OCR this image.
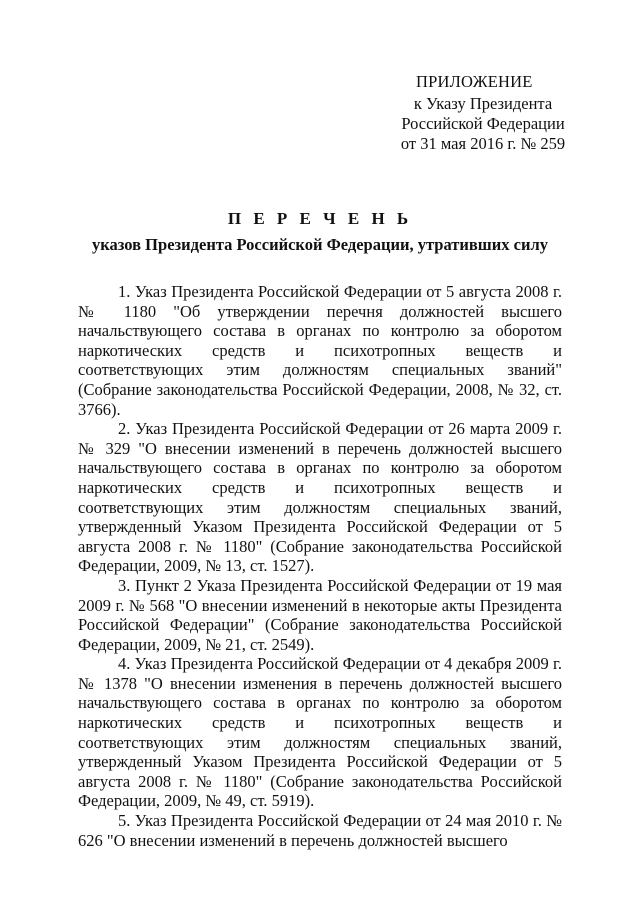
ПРИЛОЖЕНИЕ
к Указу Президента
Российской Федерации
от 31 мая 2016 г. № 259
П Е Р Е Ч Е Н Ь
указов Президента Российской Федерации, утративших силу

1. Указ Президента Российской Федерации от 5 августа 2008 г. № 1180 "Об утверждении перечня должностей высшего начальствующего состава в органах по контролю за оборотом наркотических средств и психотропных веществ и соответствующих этим должностям специальных званий" (Собрание законодательства Российской Федерации, 2008, № 32, ст. 3766).

2. Указ Президента Российской Федерации от 26 марта 2009 г. № 329 "О внесении изменений в перечень должностей высшего начальствующего состава в органах по контролю за оборотом наркотических средств и психотропных веществ и соответствующих этим должностям специальных званий, утвержденный Указом Президента Российской Федерации от 5 августа 2008 г. № 1180" (Собрание законодательства Российской Федерации, 2009, № 13, ст. 1527).

3. Пункт 2 Указа Президента Российской Федерации от 19 мая 2009 г. № 568 "О внесении изменений в некоторые акты Президента Российской Федерации" (Собрание законодательства Российской Федерации, 2009, № 21, ст. 2549).

4. Указ Президента Российской Федерации от 4 декабря 2009 г. № 1378 "О внесении изменения в перечень должностей высшего начальствующего состава в органах по контролю за оборотом наркотических средств и психотропных веществ и соответствующих этим должностям специальных званий, утвержденный Указом Президента Российской Федерации от 5 августа 2008 г. № 1180" (Собрание законодательства Российской Федерации, 2009, № 49, ст. 5919).

5. Указ Президента Российской Федерации от 24 мая 2010 г. № 626 "О внесении изменений в перечень должностей высшего
